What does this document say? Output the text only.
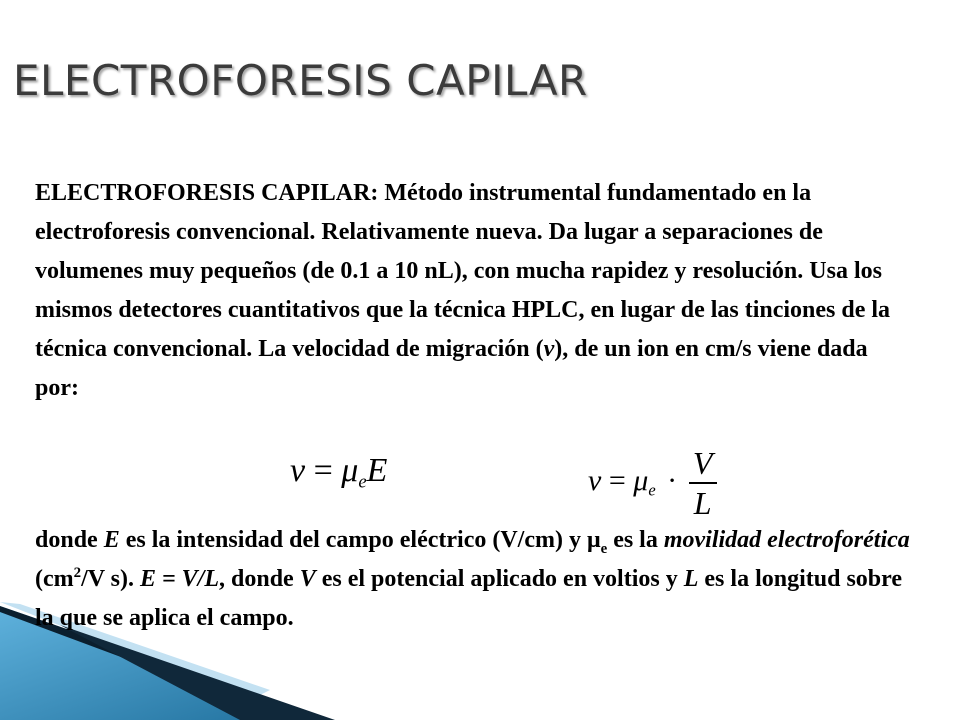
ELECTROFORESIS CAPILAR

ELECTROFORESIS CAPILAR: Método instrumental fundamentado en la electroforesis convencional. Relativamente nueva. Da lugar a separaciones de volumenes muy pequeños (de 0.1 a 10 nL), con mucha rapidez y resolución. Usa los mismos detectores cuantitativos que la técnica HPLC, en lugar de las tinciones de la técnica convencional. La velocidad de migración (v), de un ion en cm/s viene dada por:

$v = \mu_eE$	$v = \mu_e \cdot \frac{V}{L}$

donde E es la intensidad del campo eléctrico (V/cm) y $\mu_e$ es la movilidad electroforética ($cm^2/V$ s). E = V/L, donde V es el potencial aplicado en voltios y L es la longitud sobre la que se aplica el campo.
